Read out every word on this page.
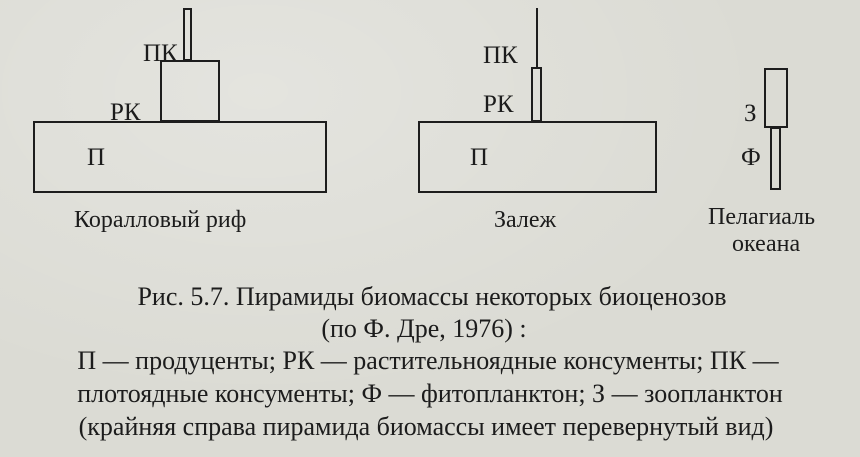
ПК
РК
П
Коралловый риф
ПК
РК
П
Залеж
З
Ф
Пелагиаль
океана
Рис. 5.7. Пирамиды биомассы некоторых биоценозов
(по Ф. Дре, 1976) :
П — продуценты; РК — растительноядные консументы; ПК —
плотоядные консументы; Ф — фитопланктон; З — зоопланктон
(крайняя справа пирамида биомассы имеет перевернутый вид)
